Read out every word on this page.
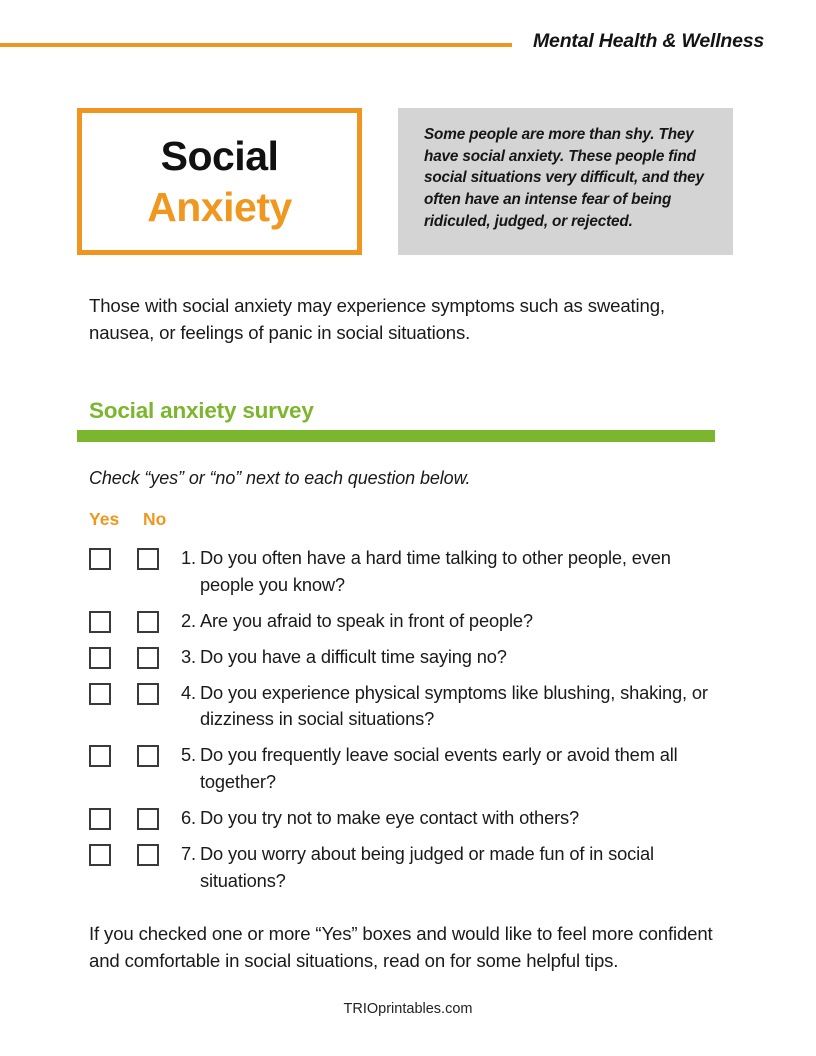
Mental Health & Wellness
Social
Anxiety
Some people are more than shy. They have social anxiety. These people find social situations very difficult, and they often have an intense fear of being ridiculed, judged, or rejected.
Those with social anxiety may experience symptoms such as sweating, nausea, or feelings of panic in social situations.
Social anxiety survey
Check “yes” or “no” next to each question below.
Yes No
1. Do you often have a hard time talking to other people, even people you know?
2. Are you afraid to speak in front of people?
3. Do you have a difficult time saying no?
4. Do you experience physical symptoms like blushing, shaking, or dizziness in social situations?
5. Do you frequently leave social events early or avoid them all together?
6. Do you try not to make eye contact with others?
7. Do you worry about being judged or made fun of in social situations?
If you checked one or more “Yes” boxes and would like to feel more confident and comfortable in social situations, read on for some helpful tips.
TRIOprintables.com
